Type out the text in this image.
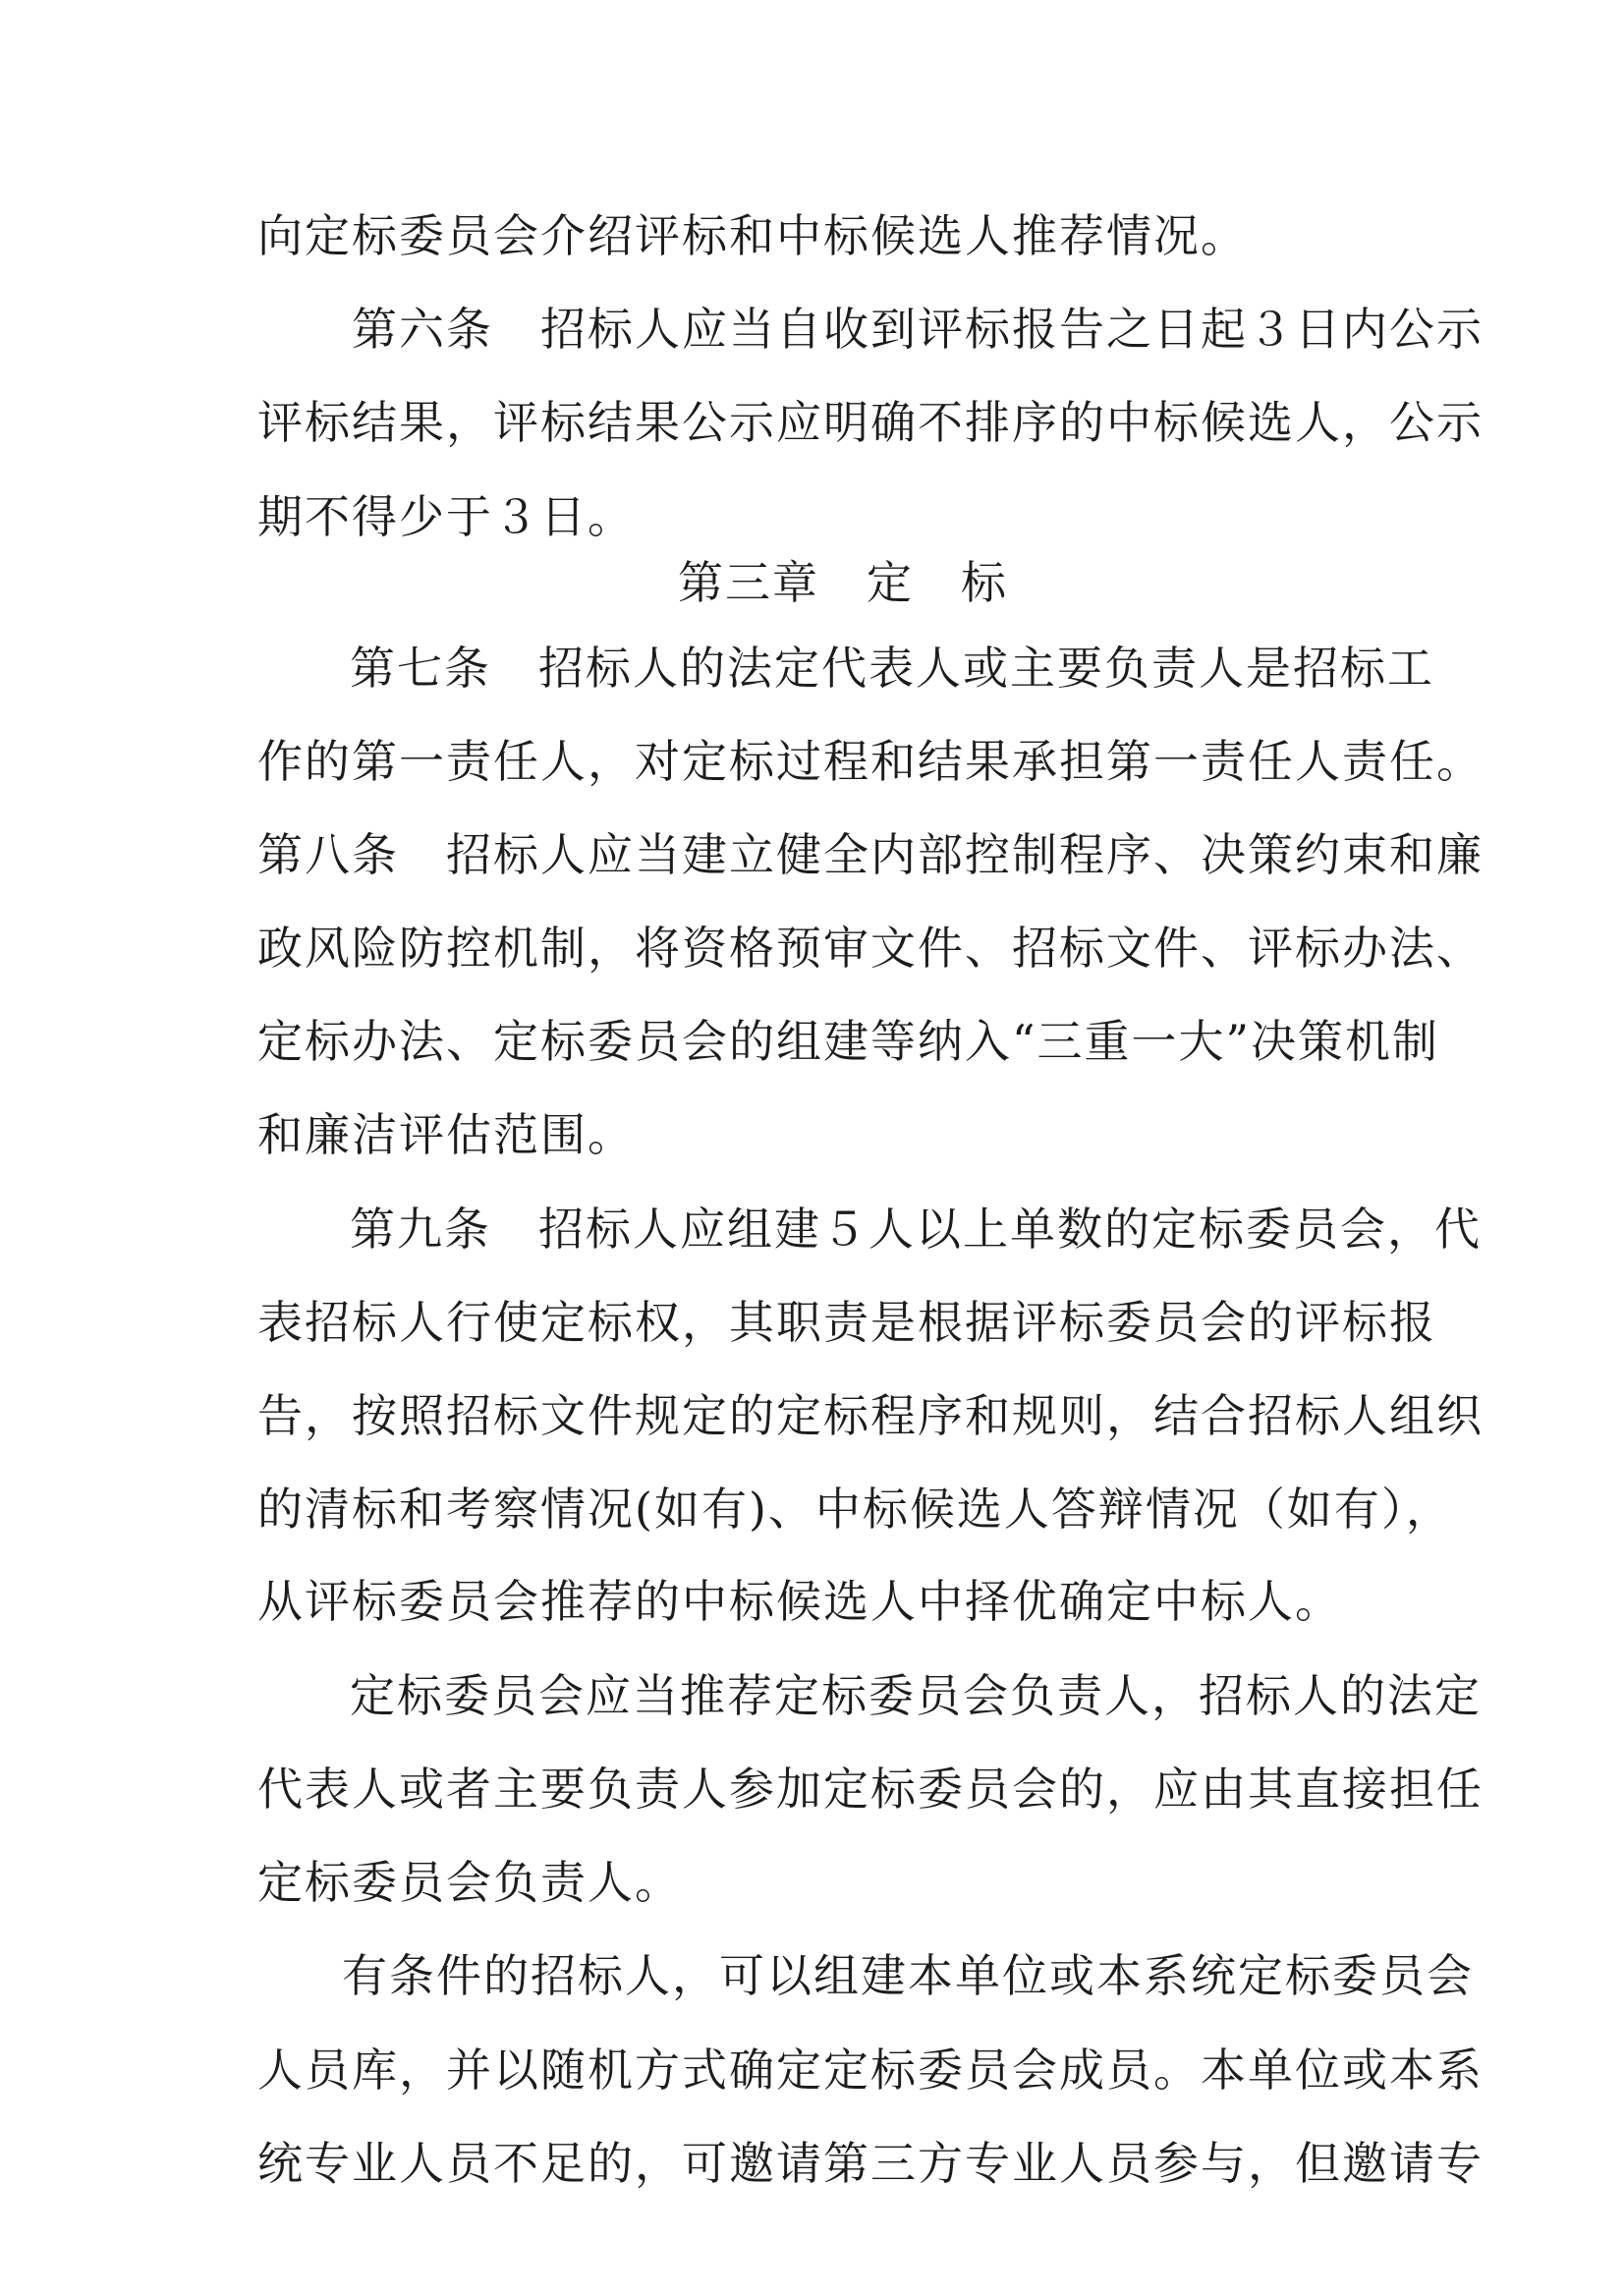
向定标委员会介绍评标和中标候选人推荐情况。

第六条　招标人应当自收到评标报告之日起３日内公示

评标结果，评标结果公示应明确不排序的中标候选人，公示

期不得少于３日。

第三章　定　标

第七条　招标人的法定代表人或主要负责人是招标工

作的第一责任人，对定标过程和结果承担第一责任人责任。

第八条　招标人应当建立健全内部控制程序、决策约束和廉

政风险防控机制，将资格预审文件、招标文件、评标办法、

定标办法、定标委员会的组建等纳入“三重一大”决策机制

和廉洁评估范围。

第九条　招标人应组建５人以上单数的定标委员会，代

表招标人行使定标权，其职责是根据评标委员会的评标报

告，按照招标文件规定的定标程序和规则，结合招标人组织

的清标和考察情况(如有)、中标候选人答辩情况（如有），

从评标委员会推荐的中标候选人中择优确定中标人。

定标委员会应当推荐定标委员会负责人，招标人的法定

代表人或者主要负责人参加定标委员会的，应由其直接担任

定标委员会负责人。

有条件的招标人，可以组建本单位或本系统定标委员会

人员库，并以随机方式确定定标委员会成员。本单位或本系

统专业人员不足的，可邀请第三方专业人员参与，但邀请专
